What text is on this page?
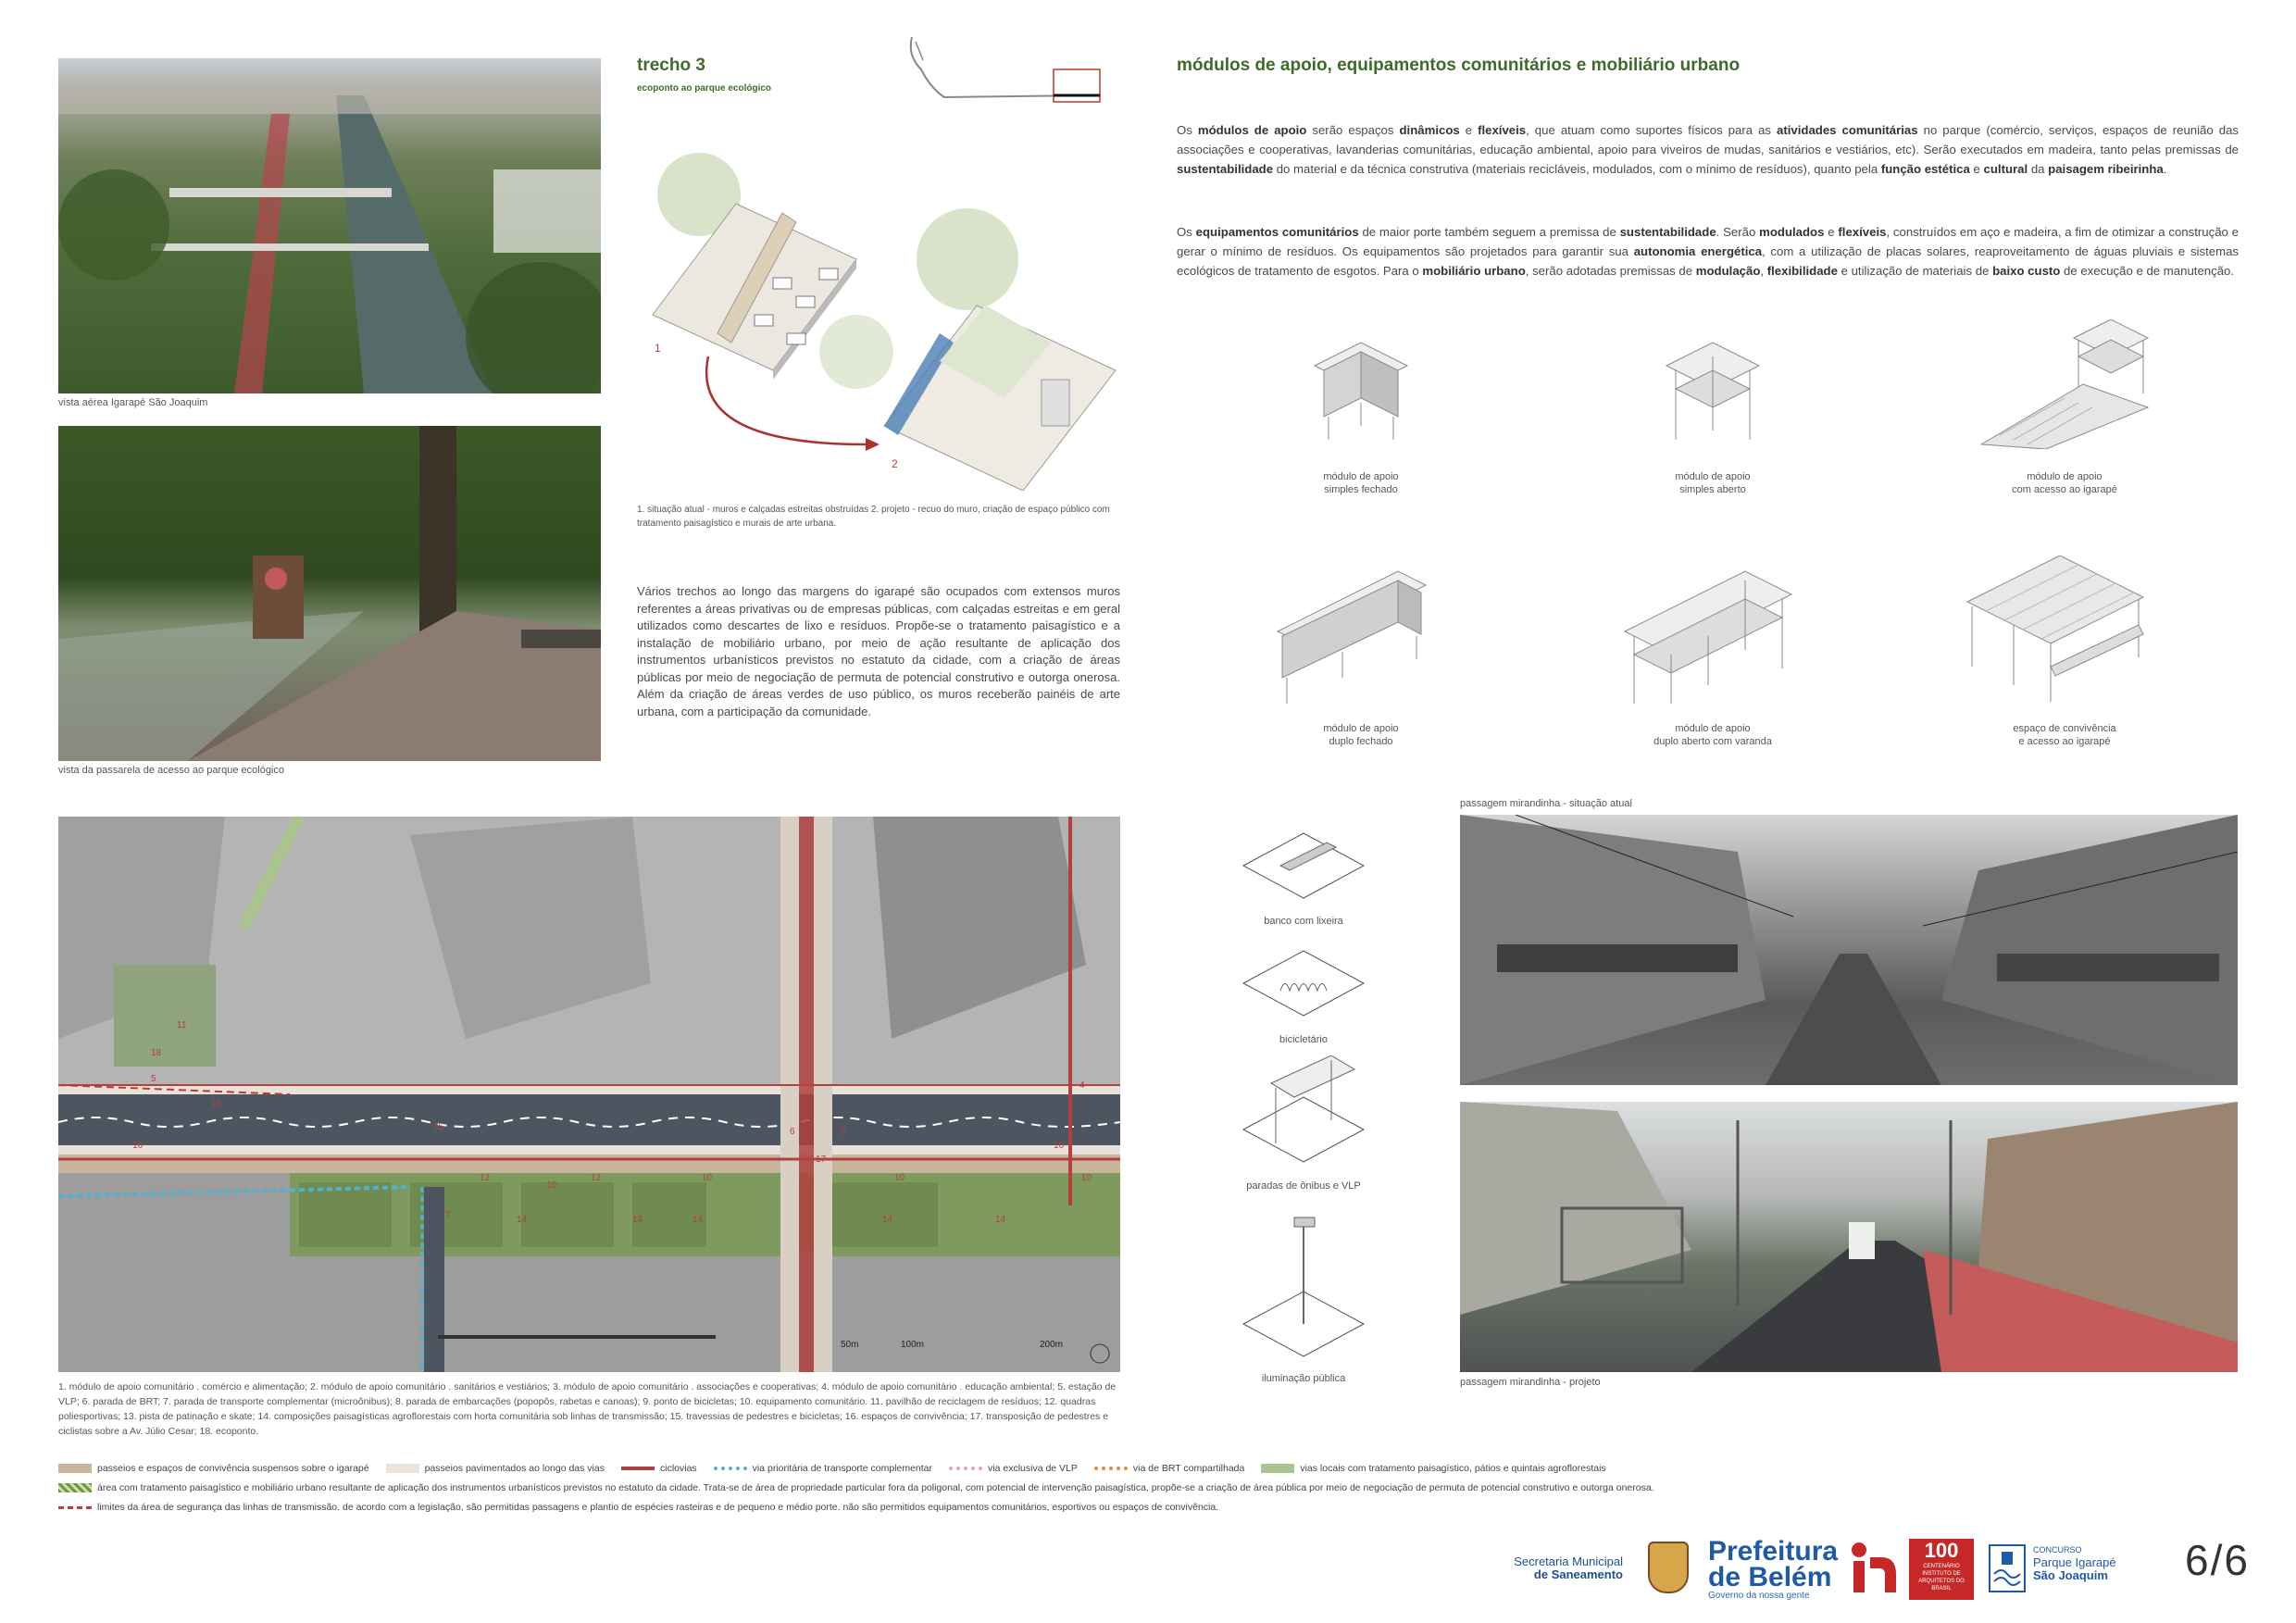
vista aérea Igarapé São Joaquim
vista da passarela de acesso ao parque ecológico
trecho 3
ecoponto ao parque ecológico
1
2
1. situação atual - muros e calçadas estreitas obstruídas 2. projeto - recuo do muro, criação de espaço público com tratamento paisagístico e murais de arte urbana.
Vários trechos ao longo das margens do igarapé são ocupados com extensos muros referentes a áreas privativas ou de empresas públicas, com calçadas estreitas e em geral utilizados como descartes de lixo e resíduos. Propõe-se o tratamento paisagístico e a instalação de mobiliário urbano, por meio de ação resultante de aplicação dos instrumentos urbanísticos previstos no estatuto da cidade, com a criação de áreas públicas por meio de negociação de permuta de potencial construtivo e outorga onerosa. Além da criação de áreas verdes de uso público, os muros receberão painéis de arte urbana, com a participação da comunidade.
módulos de apoio, equipamentos comunitários e mobiliário urbano
Os módulos de apoio serão espaços dinâmicos e flexíveis, que atuam como suportes físicos para as atividades comunitárias no parque (comércio, serviços, espaços de reunião das associações e cooperativas, lavanderias comunitárias, educação ambiental, apoio para viveiros de mudas, sanitários e vestiários, etc). Serão executados em madeira, tanto pelas premissas de sustentabilidade do material e da técnica construtiva (materiais recicláveis, modulados, com o mínimo de resíduos), quanto pela função estética e cultural da paisagem ribeirinha.
Os equipamentos comunitários de maior porte também seguem a premissa de sustentabilidade. Serão modulados e flexíveis, construídos em aço e madeira, a fim de otimizar a construção e gerar o mínimo de resíduos. Os equipamentos são projetados para garantir sua autonomia energética, com a utilização de placas solares, reaproveitamento de águas pluviais e sistemas ecológicos de tratamento de esgotos. Para o mobiliário urbano, serão adotadas premissas de modulação, flexibilidade e utilização de materiais de baixo custo de execução e de manutenção.
módulo de apoio
simples fechado
módulo de apoio
simples aberto
módulo de apoio
com acesso ao igarapé
módulo de apoio
duplo fechado
módulo de apoio
duplo aberto com varanda
espaço de convivência
e acesso ao igarapé
banco com lixeira
bicicletário
paradas de ônibus e VLP
iluminação pública
passagem mirandinha - situação atual
passagem mirandinha - projeto
11
18
5
16
15	6	6
4
16
16
12
10
10	10	10
14	14	14	14	14
7
17
12
50m	100m	200m
1. módulo de apoio comunitário . comércio e alimentação; 2. módulo de apoio comunitário . sanitários e vestiários; 3. módulo de apoio comunitário . associações e cooperativas; 4. módulo de apoio comunitário . educação ambiental; 5. estação de VLP; 6. parada de BRT; 7. parada de transporte complementar (microônibus); 8. parada de embarcações (popopôs, rabetas e canoas); 9. ponto de bicicletas; 10. equipamento comunitário. 11. pavilhão de reciclagem de resíduos; 12. quadras poliesportivas; 13. pista de patinação e skate; 14. composições paisagísticas agroflorestais com horta comunitária sob linhas de transmissão; 15. travessias de pedestres e bicicletas; 16. espaços de convivência; 17. transposição de pedestres e ciclistas sobre a Av. Júlio Cesar; 18. ecoponto.
passeios e espaços de convivência suspensos sobre o igarapé	passeios pavimentados ao longo das vias	ciclovias	via prioritária de transporte complementar	via exclusiva de VLP	via de BRT compartilhada	vias locais com tratamento paisagístico, pátios e quintais agroflorestais
área com tratamento paisagístico e mobiliário urbano resultante de aplicação dos instrumentos urbanísticos previstos no estatuto da cidade. Trata-se de área de propriedade particular fora da poligonal, com potencial de intervenção paisagística, propõe-se a criação de área pública por meio de negociação de permuta de potencial construtivo e outorga onerosa.
limites da área de segurança das linhas de transmissão. de acordo com a legislação, são permitidas passagens e plantio de espécies rasteiras e de pequeno e médio porte. não são permitidos equipamentos comunitários, esportivos ou espaços de convivência.
Secretaria Municipal
de Saneamento
Prefeitura
de Belém
Governo da nossa gente
100
CENTENÁRIO INSTITUTO DE ARQUITETOS DO BRASIL
CONCURSO
Parque Igarapé
São Joaquim 6/6
